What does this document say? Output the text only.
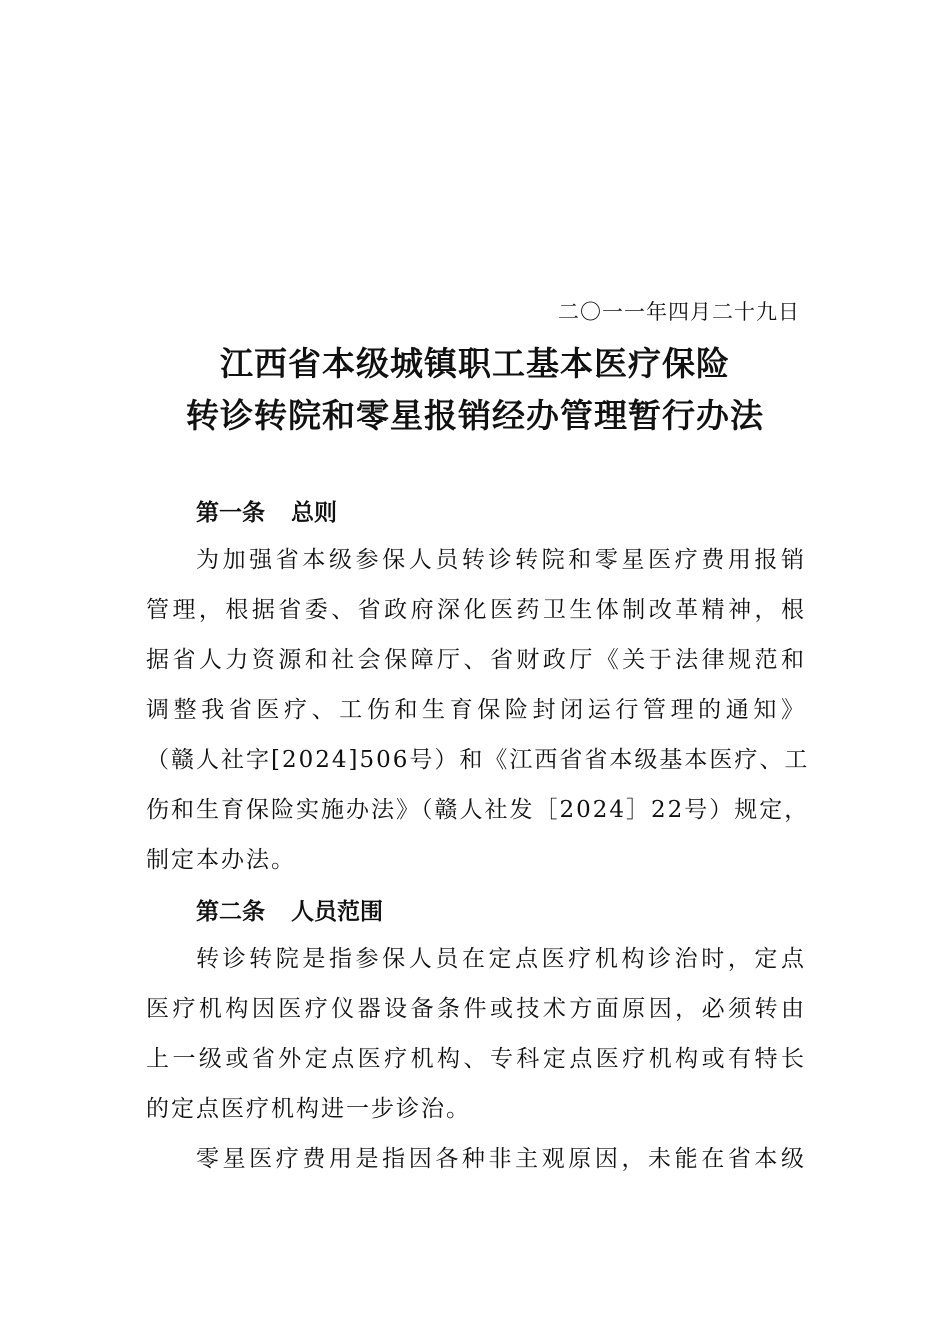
二〇一一年四月二十九日
江西省本级城镇职工基本医疗保险
转诊转院和零星报销经办管理暂行办法
第一条 总则
为加强省本级参保人员转诊转院和零星医疗费用报销
管理，根据省委、省政府深化医药卫生体制改革精神，根
据省人力资源和社会保障厅、省财政厅《关于法律规范和
调整我省医疗、工伤和生育保险封闭运行管理的通知》
（赣人社字[2024]506号）和《江西省省本级基本医疗、工
伤和生育保险实施办法》（赣人社发［2024］22号）规定，
制定本办法。
第二条 人员范围
转诊转院是指参保人员在定点医疗机构诊治时，定点
医疗机构因医疗仪器设备条件或技术方面原因，必须转由
上一级或省外定点医疗机构、专科定点医疗机构或有特长
的定点医疗机构进一步诊治。
零星医疗费用是指因各种非主观原因，未能在省本级
